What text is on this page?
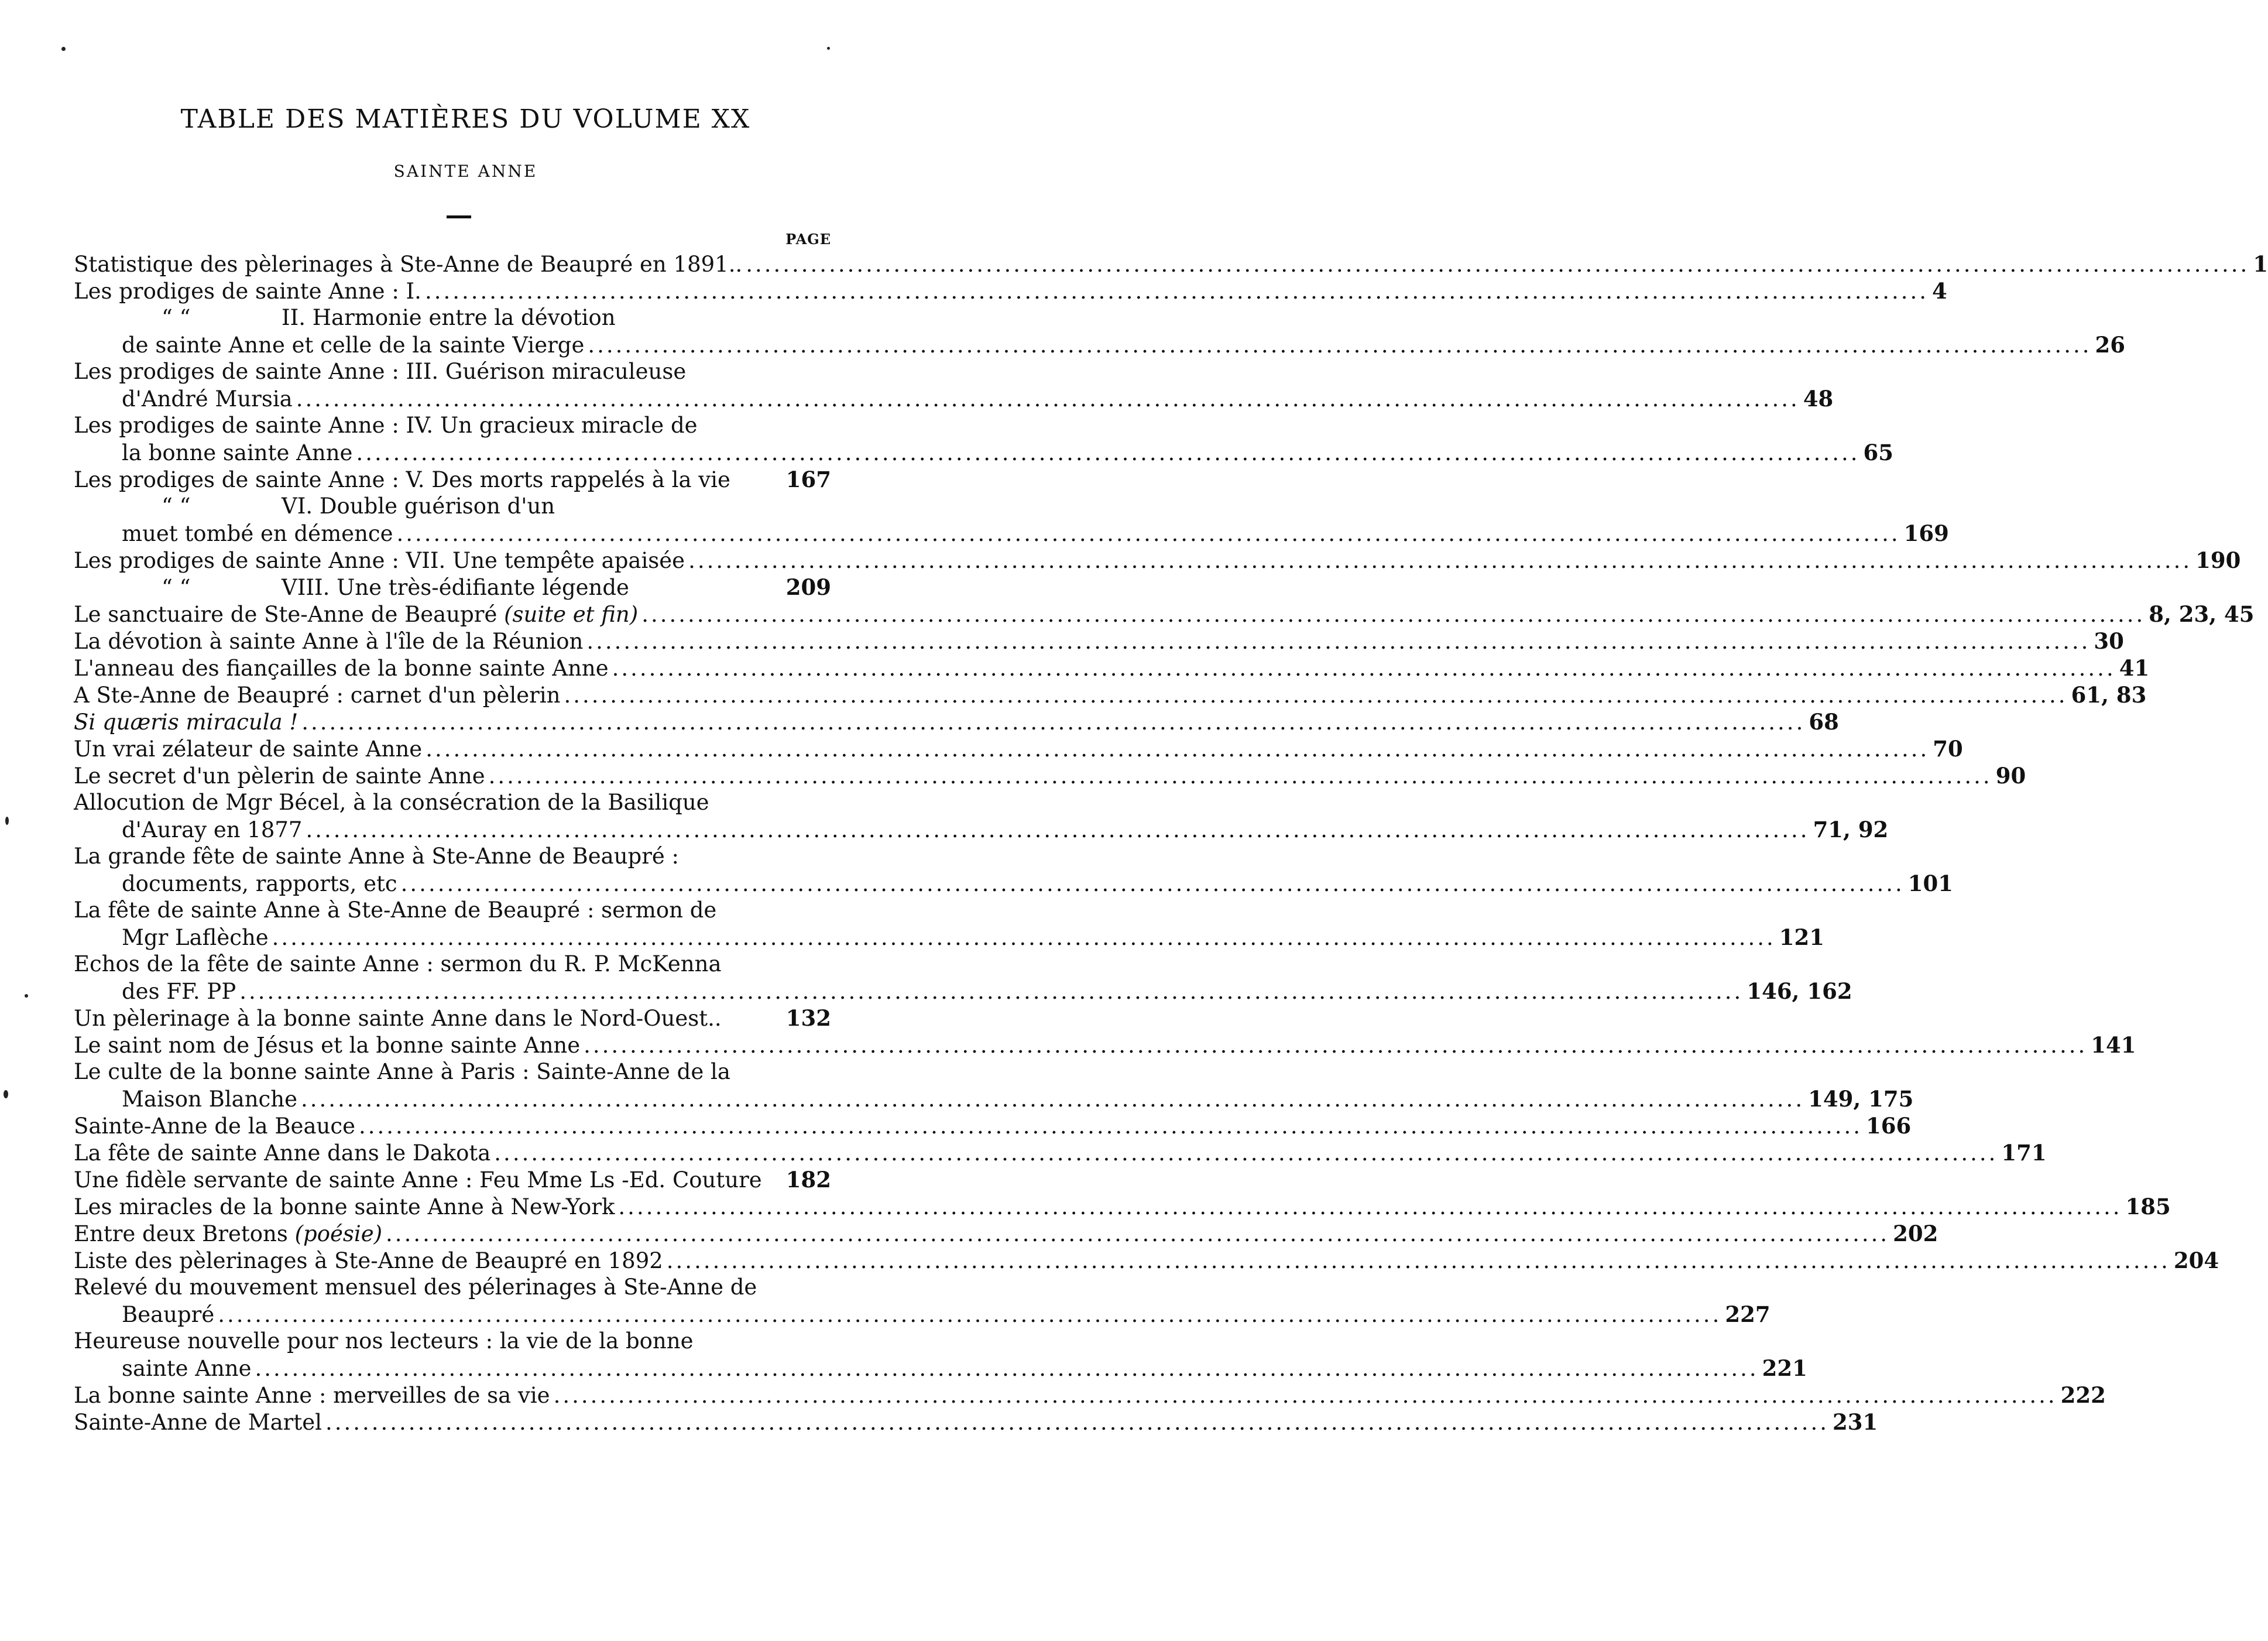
TABLE DES MATIÈRES DU VOLUME XX
SAINTE ANNE
PAGE
Statistique des pèlerinages à Ste-Anne de Beaupré en 1891.. .....	1
Les prodiges de sainte Anne : I. .....	4
“ “	II. Harmonie entre la dévotion
de sainte Anne et celle de la sainte Vierge .....	26
Les prodiges de sainte Anne : III. Guérison miraculeuse
d'André Mursia .....	48
Les prodiges de sainte Anne : IV. Un gracieux miracle de
la bonne sainte Anne .....	65
Les prodiges de sainte Anne : V. Des morts rappelés à la vie	167
“ “	VI. Double guérison d'un
muet tombé en démence .....	169
Les prodiges de sainte Anne : VII. Une tempête apaisée .....	190
“ “	VIII. Une très-édifiante légende	209
Le sanctuaire de Ste-Anne de Beaupré
(suite et fin) .....	8, 23, 45
La dévotion à sainte Anne à l'île de la Réunion .....	30
L'anneau des fiançailles de la bonne sainte Anne .....	41
A Ste-Anne de Beaupré : carnet d'un pèlerin .....	61, 83
Si quæris miracula ! .....	68
Un vrai zélateur de sainte Anne .....	70
Le secret d'un pèlerin de sainte Anne .....	90
Allocution de Mgr Bécel, à la consécration de la Basilique
d'Auray en 1877 .....	71, 92
La grande fête de sainte Anne à Ste-Anne de Beaupré :
documents, rapports, etc .....	101
La fête de sainte Anne à Ste-Anne de Beaupré : sermon de
Mgr Laflèche .....	121
Echos de la fête de sainte Anne : sermon du R. P. McKenna
des FF. PP .....	146, 162
Un pèlerinage à la bonne sainte Anne dans le Nord-Ouest..	132
Le saint nom de Jésus et la bonne sainte Anne .....	141
Le culte de la bonne sainte Anne à Paris : Sainte-Anne de la
Maison Blanche .....	149, 175
Sainte-Anne de la Beauce .....	166
La fête de sainte Anne dans le Dakota .....	171
Une fidèle servante de sainte Anne : Feu Mme Ls -Ed. Couture 182
Les miracles de la bonne sainte Anne à New-York .....	185
Entre deux Bretons
(poésie) .....	202
Liste des pèlerinages à Ste-Anne de Beaupré en 1892 .....	204
Relevé du mouvement mensuel des pélerinages à Ste-Anne de
Beaupré .....	227
Heureuse nouvelle pour nos lecteurs : la vie de la bonne
sainte Anne .....	221
La bonne sainte Anne : merveilles de sa vie .....	222
Sainte-Anne de Martel .....	231
